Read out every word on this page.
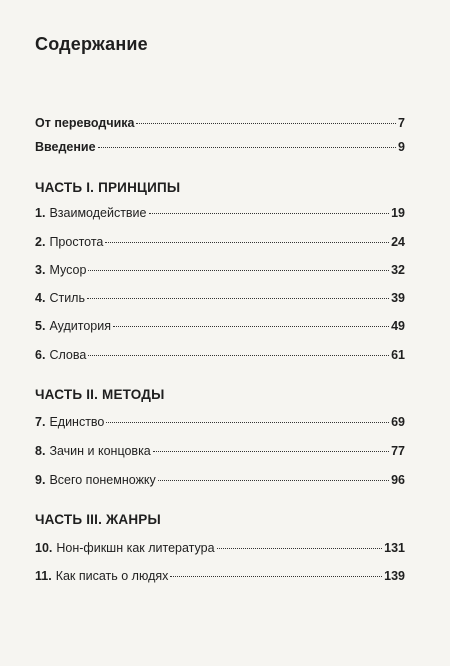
Содержание
От переводчика	7
Введение	9
ЧАСТЬ I. ПРИНЦИПЫ
1. Взаимодействие	19
2. Простота	24
3. Мусор	32
4. Стиль	39
5. Аудитория	49
6. Слова	61
ЧАСТЬ II. МЕТОДЫ
7. Единство	69
8. Зачин и концовка	77
9. Всего понемножку	96
ЧАСТЬ III. ЖАНРЫ
10. Нон-фикшн как литература	131
11. Как писать о людях	139
